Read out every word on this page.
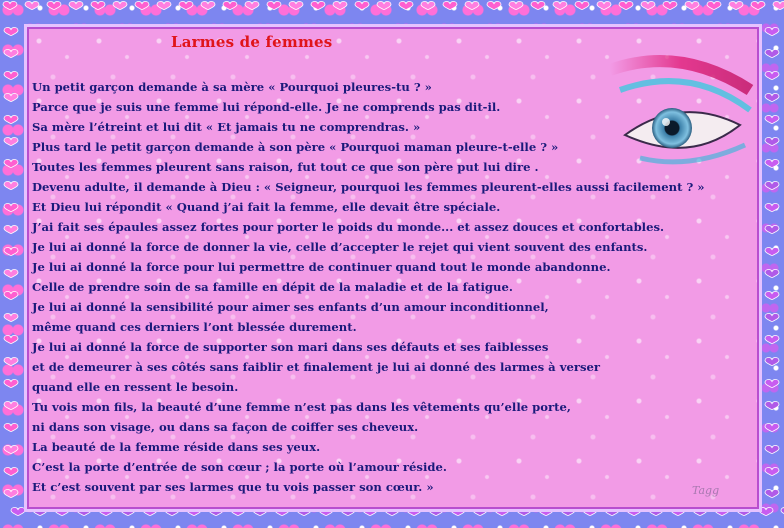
Larmes de femmes
Un petit garçon demande à sa mère « Pourquoi pleures-tu ? »
Parce que je suis une femme lui répond-elle. Je ne comprends pas dit-il.
Sa mère l’étreint et lui dit « Et jamais tu ne comprendras. »
Plus tard le petit garçon demande à son père « Pourquoi maman pleure-t-elle ? »
Toutes les femmes pleurent sans raison, fut tout ce que son père put lui dire .
Devenu adulte, il demande à Dieu : « Seigneur, pourquoi les femmes pleurent-elles aussi facilement ? »
Et Dieu lui répondit « Quand j’ai fait la femme, elle devait être spéciale.
J’ai fait ses épaules assez fortes pour porter le poids du monde... et assez douces et confortables.
Je lui ai donné la force de donner la vie, celle d’accepter le rejet qui vient souvent des enfants.
Je lui ai donné la force pour lui permettre de continuer quand tout le monde abandonne.
Celle de prendre soin de sa famille en dépit de la maladie et de la fatigue.
Je lui ai donné la sensibilité pour aimer ses enfants d’un amour inconditionnel,
même quand ces derniers l’ont blessée durement.
Je lui ai donné la force de supporter son mari dans ses défauts et ses faiblesses
et de demeurer à ses côtés sans faiblir et finalement je lui ai donné des larmes à verser
quand elle en ressent le besoin.
Tu vois mon fils, la beauté d’une femme n’est pas dans les vêtements qu’elle porte,
ni dans son visage, ou dans sa façon de coiffer ses cheveux.
La beauté de la femme réside dans ses yeux.
C’est la porte d’entrée de son cœur ; la porte où l’amour réside.
Et c’est souvent par ses larmes que tu vois passer son cœur. »	Tagg
